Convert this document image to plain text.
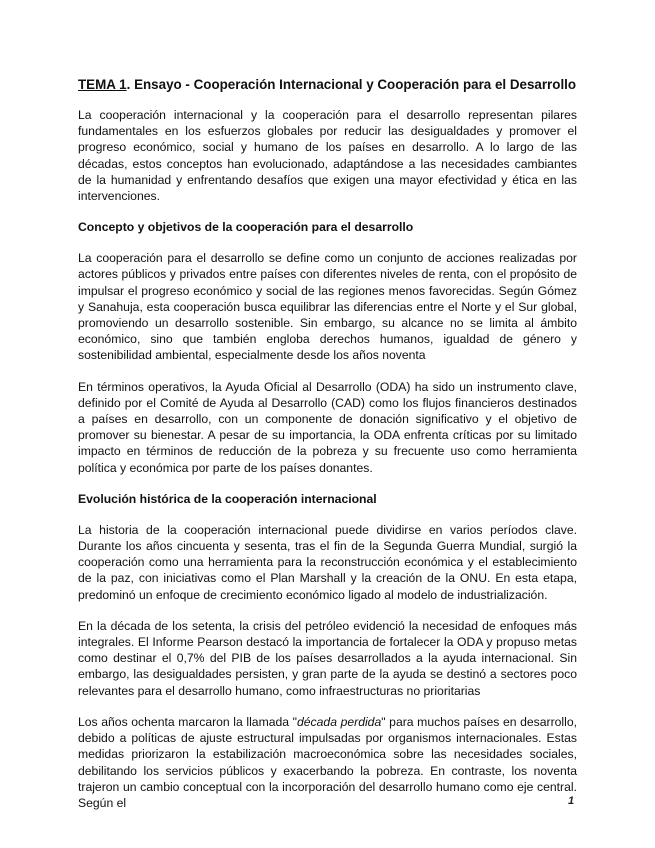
TEMA 1. Ensayo - Cooperación Internacional y Cooperación para el Desarrollo

La cooperación internacional y la cooperación para el desarrollo representan pilares fundamentales en los esfuerzos globales por reducir las desigualdades y promover el progreso económico, social y humano de los países en desarrollo. A lo largo de las décadas, estos conceptos han evolucionado, adaptándose a las necesidades cambiantes de la humanidad y enfrentando desafíos que exigen una mayor efectividad y ética en las intervenciones.

Concepto y objetivos de la cooperación para el desarrollo

La cooperación para el desarrollo se define como un conjunto de acciones realizadas por actores públicos y privados entre países con diferentes niveles de renta, con el propósito de impulsar el progreso económico y social de las regiones menos favorecidas. Según Gómez y Sanahuja, esta cooperación busca equilibrar las diferencias entre el Norte y el Sur global, promoviendo un desarrollo sostenible. Sin embargo, su alcance no se limita al ámbito económico, sino que también engloba derechos humanos, igualdad de género y sostenibilidad ambiental, especialmente desde los años noventa

En términos operativos, la Ayuda Oficial al Desarrollo (ODA) ha sido un instrumento clave, definido por el Comité de Ayuda al Desarrollo (CAD) como los flujos financieros destinados a países en desarrollo, con un componente de donación significativo y el objetivo de promover su bienestar. A pesar de su importancia, la ODA enfrenta críticas por su limitado impacto en términos de reducción de la pobreza y su frecuente uso como herramienta política y económica por parte de los países donantes.

Evolución histórica de la cooperación internacional

La historia de la cooperación internacional puede dividirse en varios períodos clave. Durante los años cincuenta y sesenta, tras el fin de la Segunda Guerra Mundial, surgió la cooperación como una herramienta para la reconstrucción económica y el establecimiento de la paz, con iniciativas como el Plan Marshall y la creación de la ONU. En esta etapa, predominó un enfoque de crecimiento económico ligado al modelo de industrialización.

En la década de los setenta, la crisis del petróleo evidenció la necesidad de enfoques más integrales. El Informe Pearson destacó la importancia de fortalecer la ODA y propuso metas como destinar el 0,7% del PIB de los países desarrollados a la ayuda internacional. Sin embargo, las desigualdades persisten, y gran parte de la ayuda se destinó a sectores poco relevantes para el desarrollo humano, como infraestructuras no prioritarias

Los años ochenta marcaron la llamada "década perdida" para muchos países en desarrollo, debido a políticas de ajuste estructural impulsadas por organismos internacionales. Estas medidas priorizaron la estabilización macroeconómica sobre las necesidades sociales, debilitando los servicios públicos y exacerbando la pobreza. En contraste, los noventa trajeron un cambio conceptual con la incorporación del desarrollo humano como eje central. Según el	1
